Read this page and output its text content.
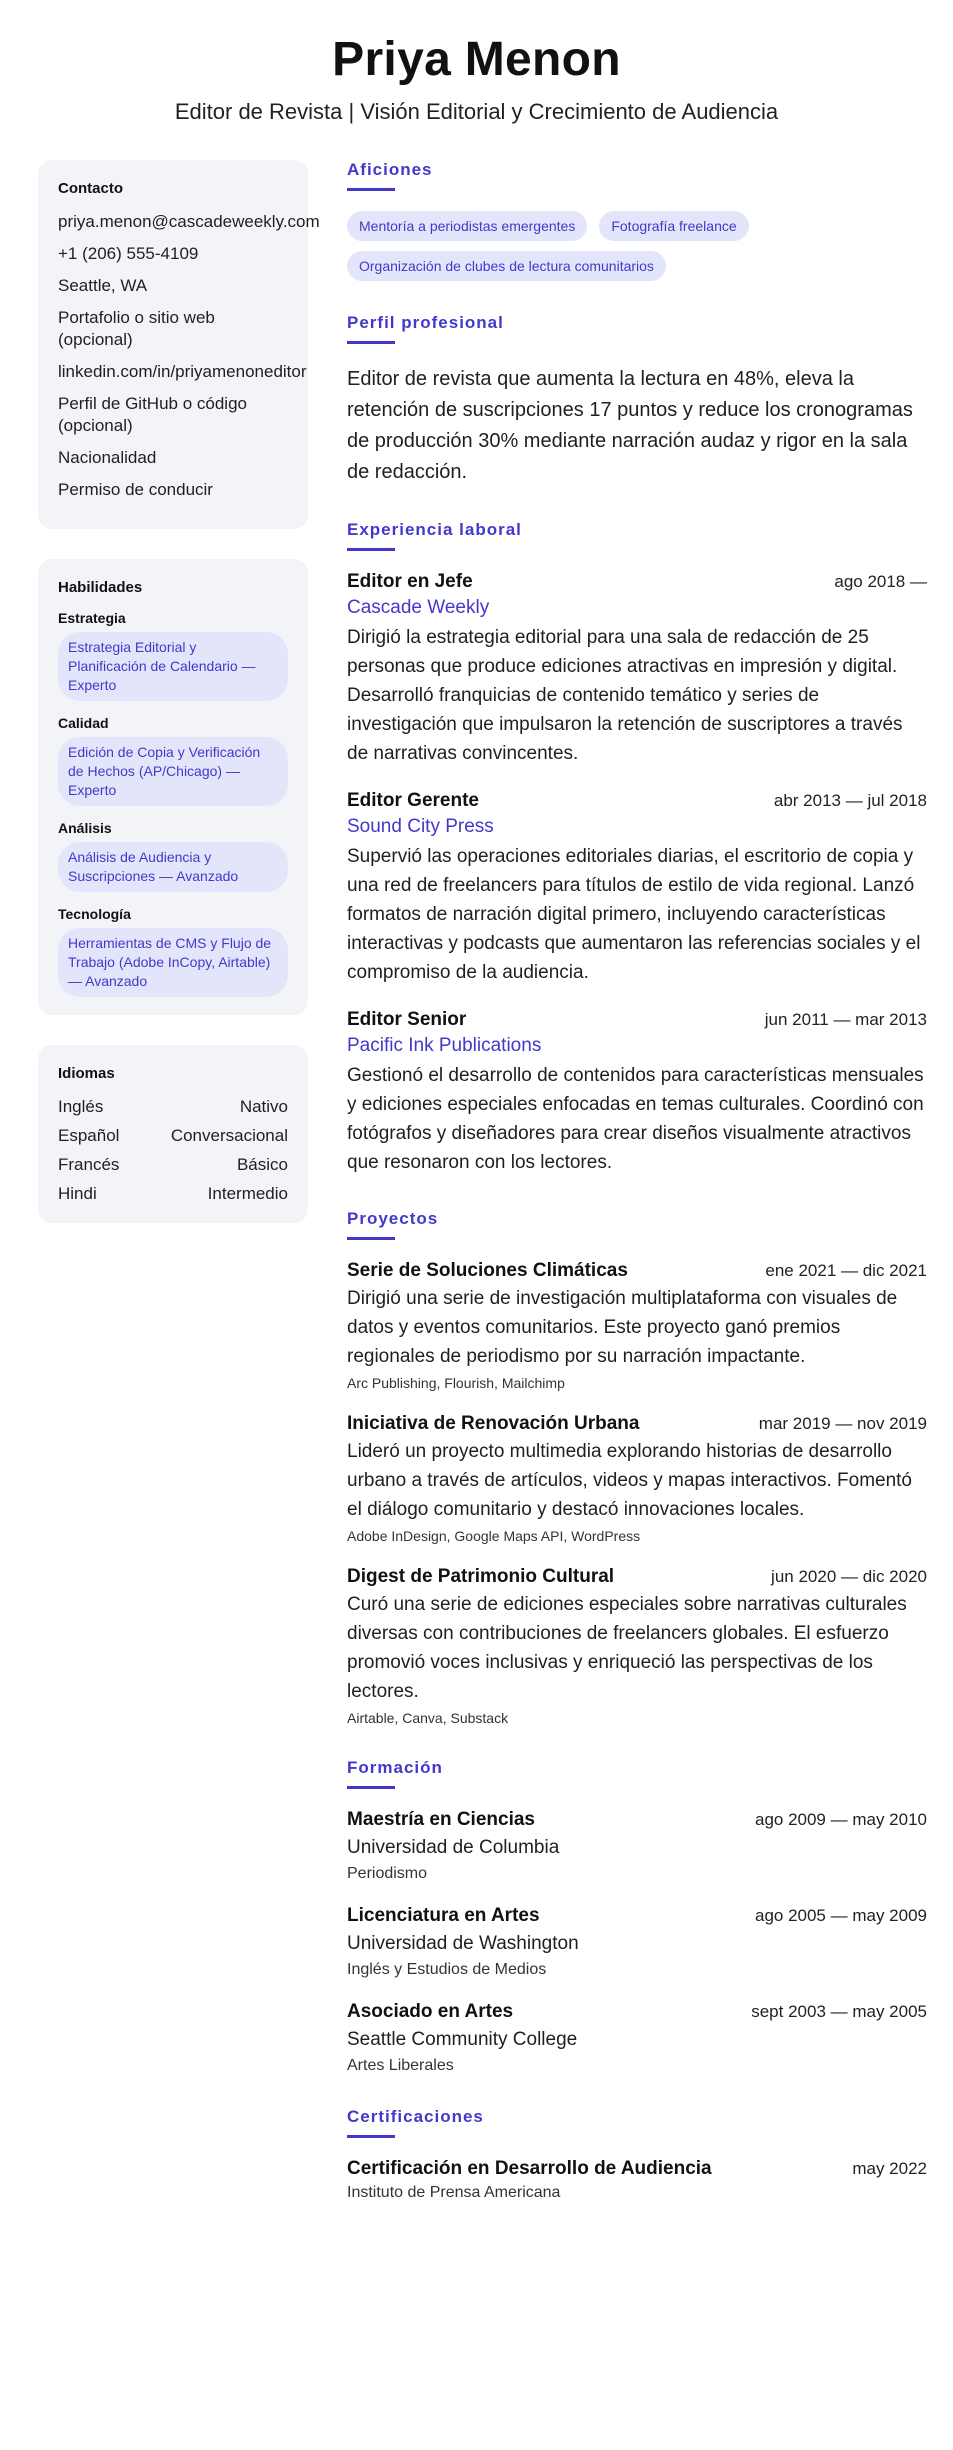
Priya Menon
Editor de Revista | Visión Editorial y Crecimiento de Audiencia
Contacto
priya.menon@cascadeweekly.com
+1 (206) 555-4109
Seattle, WA
Portafolio o sitio web (opcional)
linkedin.com/in/priyamenoneditor
Perfil de GitHub o código (opcional)
Nacionalidad
Permiso de conducir
Habilidades
Estrategia
Estrategia Editorial y Planificación de Calendario — Experto
Calidad
Edición de Copia y Verificación de Hechos (AP/Chicago) — Experto
Análisis
Análisis de Audiencia y Suscripciones — Avanzado
Tecnología
Herramientas de CMS y Flujo de Trabajo (Adobe InCopy, Airtable) — Avanzado
Idiomas
Inglés	Nativo
Español	Conversacional
Francés	Básico
Hindi	Intermedio
Aficiones
Mentoría a periodistas emergentes	Fotografía freelance
Organización de clubes de lectura comunitarios
Perfil profesional

Editor de revista que aumenta la lectura en 48%, eleva la retención de suscripciones 17 puntos y reduce los cronogramas de producción 30% mediante narración audaz y rigor en la sala de redacción.

Experiencia laboral
Editor en Jefe	ago 2018 —
Cascade Weekly

Dirigió la estrategia editorial para una sala de redacción de 25 personas que produce ediciones atractivas en impresión y digital. Desarrolló franquicias de contenido temático y series de investigación que impulsaron la retención de suscriptores a través de narrativas convincentes.

Editor Gerente	abr 2013 — jul 2018
Sound City Press

Supervió las operaciones editoriales diarias, el escritorio de copia y una red de freelancers para títulos de estilo de vida regional. Lanzó formatos de narración digital primero, incluyendo características interactivas y podcasts que aumentaron las referencias sociales y el compromiso de la audiencia.

Editor Senior	jun 2011 — mar 2013
Pacific Ink Publications

Gestionó el desarrollo de contenidos para características mensuales y ediciones especiales enfocadas en temas culturales. Coordinó con fotógrafos y diseñadores para crear diseños visualmente atractivos que resonaron con los lectores.

Proyectos
Serie de Soluciones Climáticas	ene 2021 — dic 2021

Dirigió una serie de investigación multiplataforma con visuales de datos y eventos comunitarios. Este proyecto ganó premios regionales de periodismo por su narración impactante.

Arc Publishing, Flourish, Mailchimp
Iniciativa de Renovación Urbana	mar 2019 — nov 2019

Lideró un proyecto multimedia explorando historias de desarrollo urbano a través de artículos, videos y mapas interactivos. Fomentó el diálogo comunitario y destacó innovaciones locales.

Adobe InDesign, Google Maps API, WordPress
Digest de Patrimonio Cultural	jun 2020 — dic 2020

Curó una serie de ediciones especiales sobre narrativas culturales diversas con contribuciones de freelancers globales. El esfuerzo promovió voces inclusivas y enriqueció las perspectivas de los lectores.

Airtable, Canva, Substack
Formación
Maestría en Ciencias	ago 2009 — may 2010
Universidad de Columbia
Periodismo
Licenciatura en Artes	ago 2005 — may 2009
Universidad de Washington
Inglés y Estudios de Medios
Asociado en Artes	sept 2003 — may 2005
Seattle Community College
Artes Liberales
Certificaciones
Certificación en Desarrollo de Audiencia	may 2022
Instituto de Prensa Americana
